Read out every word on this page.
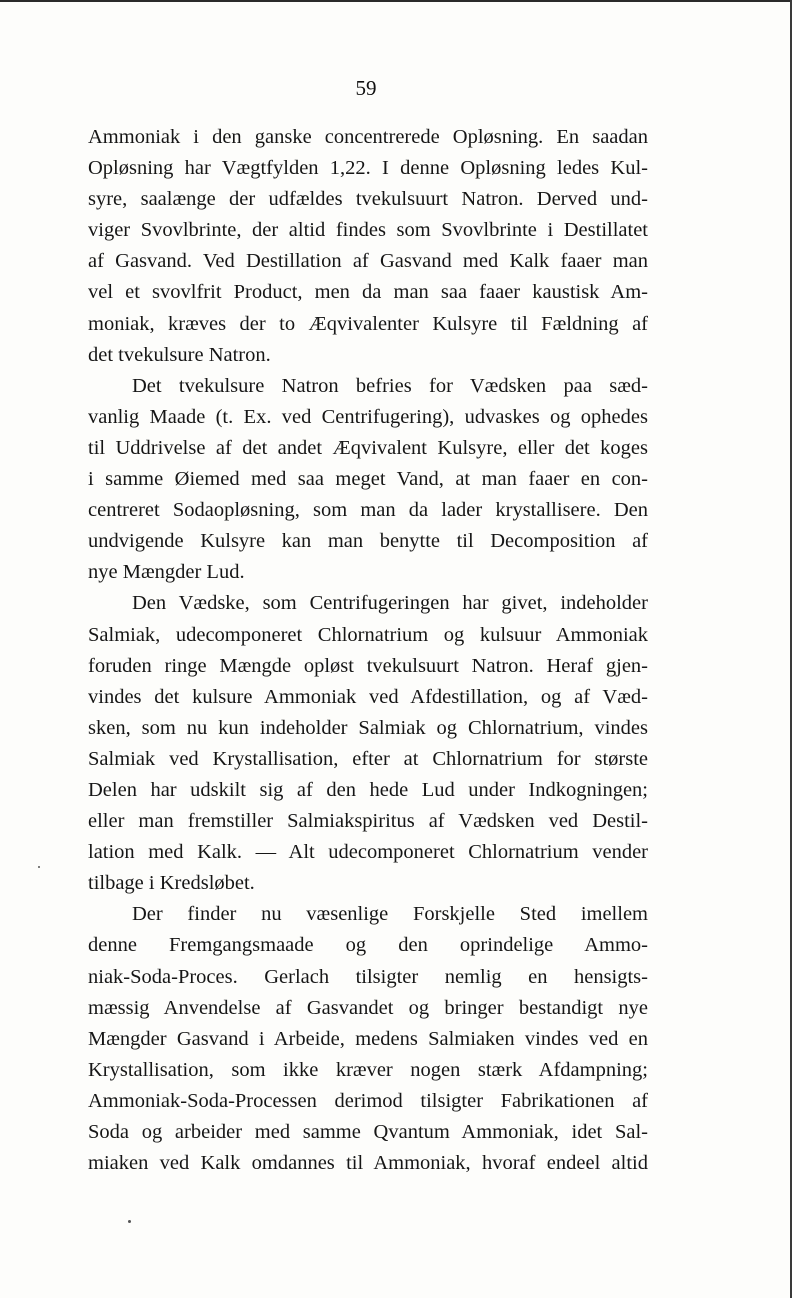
59
Ammoniak i den ganske concentrerede Opløsning. En saadan
Opløsning har Vægtfylden 1,22. I denne Opløsning ledes Kul-
syre, saalænge der udfældes tvekulsuurt Natron. Derved und-
viger Svovlbrinte, der altid findes som Svovlbrinte i Destillatet
af Gasvand. Ved Destillation af Gasvand med Kalk faaer man
vel et svovlfrit Product, men da man saa faaer kaustisk Am-
moniak, kræves der to Æqvivalenter Kulsyre til Fældning af
det tvekulsure Natron.
Det tvekulsure Natron befries for Vædsken paa sæd-
vanlig Maade (t. Ex. ved Centrifugering), udvaskes og ophedes
til Uddrivelse af det andet Æqvivalent Kulsyre, eller det koges
i samme Øiemed med saa meget Vand, at man faaer en con-
centreret Sodaopløsning, som man da lader krystallisere. Den
undvigende Kulsyre kan man benytte til Decomposition af
nye Mængder Lud.
Den Vædske, som Centrifugeringen har givet, indeholder
Salmiak, udecomponeret Chlornatrium og kulsuur Ammoniak
foruden ringe Mængde opløst tvekulsuurt Natron. Heraf gjen-
vindes det kulsure Ammoniak ved Afdestillation, og af Væd-
sken, som nu kun indeholder Salmiak og Chlornatrium, vindes
Salmiak ved Krystallisation, efter at Chlornatrium for største
Delen har udskilt sig af den hede Lud under Indkogningen;
eller man fremstiller Salmiakspiritus af Vædsken ved Destil-
lation med Kalk. — Alt udecomponeret Chlornatrium vender
tilbage i Kredsløbet.
Der finder nu væsenlige Forskjelle Sted imellem
denne Fremgangsmaade og den oprindelige Ammo-
niak-Soda-Proces. Gerlach tilsigter nemlig en hensigts-
mæssig Anvendelse af Gasvandet og bringer bestandigt nye
Mængder Gasvand i Arbeide, medens Salmiaken vindes ved en
Krystallisation, som ikke kræver nogen stærk Afdampning;
Ammoniak-Soda-Processen derimod tilsigter Fabrikationen af
Soda og arbeider med samme Qvantum Ammoniak, idet Sal-
miaken ved Kalk omdannes til Ammoniak, hvoraf endeel altid
